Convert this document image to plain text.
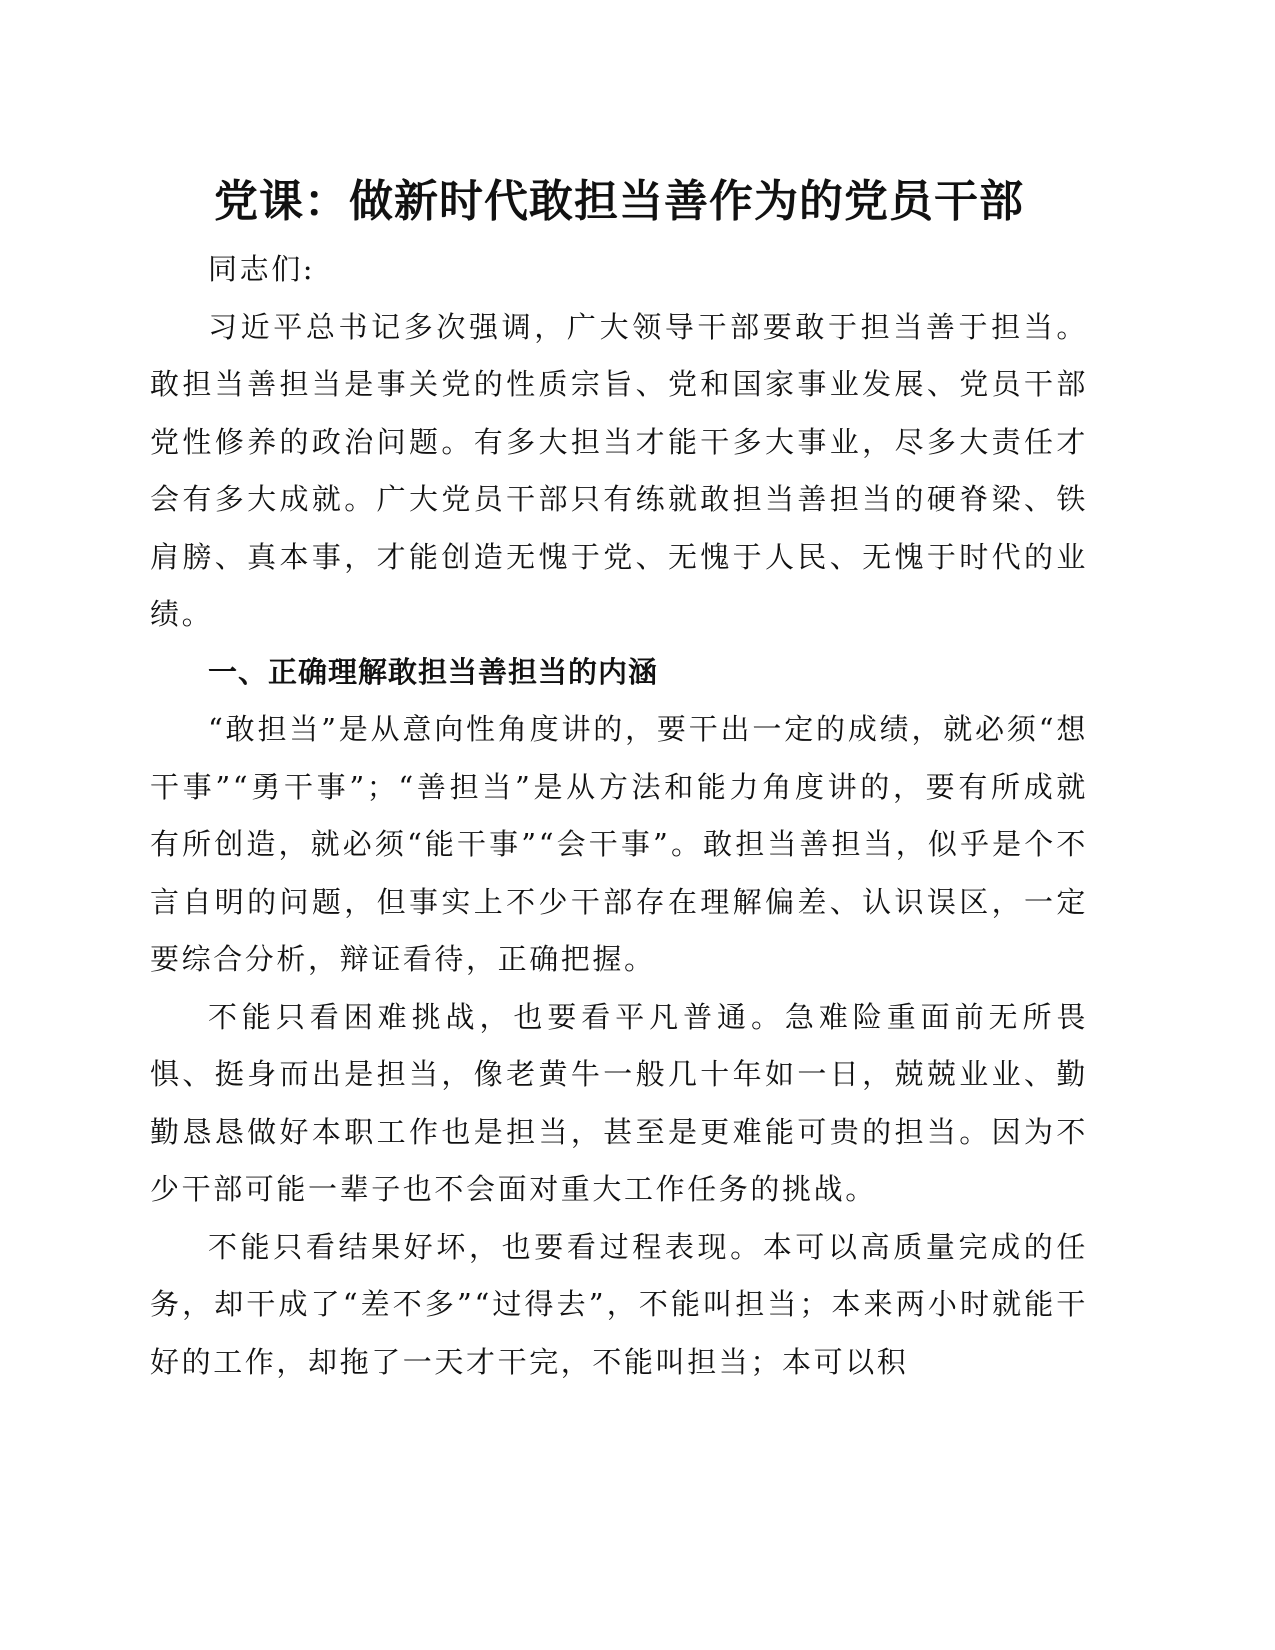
党课：做新时代敢担当善作为的党员干部

同志们:

习近平总书记多次强调，广大领导干部要敢于担当善于担当。敢担当善担当是事关党的性质宗旨、党和国家事业发展、党员干部党性修养的政治问题。有多大担当才能干多大事业，尽多大责任才会有多大成就。广大党员干部只有练就敢担当善担当的硬脊梁、铁肩膀、真本事，才能创造无愧于党、无愧于人民、无愧于时代的业绩。

一、正确理解敢担当善担当的内涵

“敢担当”是从意向性角度讲的，要干出一定的成绩，就必须“想干事”“勇干事”；“善担当”是从方法和能力角度讲的，要有所成就有所创造，就必须“能干事”“会干事”。敢担当善担当，似乎是个不言自明的问题，但事实上不少干部存在理解偏差、认识误区，一定要综合分析，辩证看待，正确把握。

不能只看困难挑战，也要看平凡普通。急难险重面前无所畏惧、挺身而出是担当，像老黄牛一般几十年如一日，兢兢业业、勤勤恳恳做好本职工作也是担当，甚至是更难能可贵的担当。因为不少干部可能一辈子也不会面对重大工作任务的挑战。

不能只看结果好坏，也要看过程表现。本可以高质量完成的任务，却干成了“差不多”“过得去”，不能叫担当；本来两小时就能干好的工作，却拖了一天才干完，不能叫担当；本可以积
